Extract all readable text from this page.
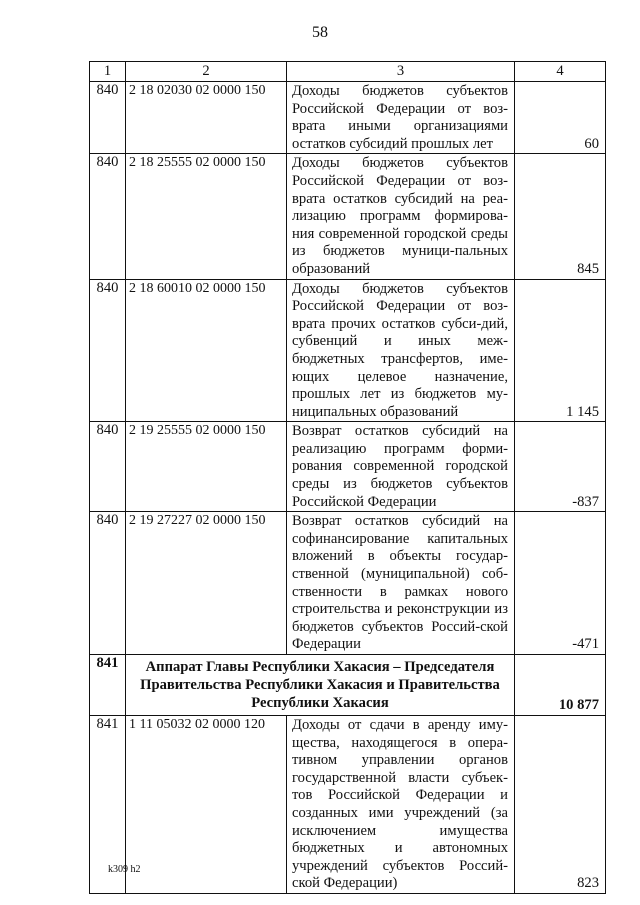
58
1	2	3	4
840	2 18 02030 02 0000 150	Доходы бюджетов субъектов Российской Федерации от воз-врата иными организациями остатков субсидий прошлых лет	60
840	2 18 25555 02 0000 150	Доходы бюджетов субъектов Российской Федерации от воз-врата остатков субсидий на реа-лизацию программ формирова-ния современной городской среды из бюджетов муници-пальных образований	845
840	2 18 60010 02 0000 150	Доходы бюджетов субъектов Российской Федерации от воз-врата прочих остатков субси-дий, субвенций и иных меж-бюджетных трансфертов, име-ющих целевое назначение, прошлых лет из бюджетов му-ниципальных образований	1 145
840	2 19 25555 02 0000 150	Возврат остатков субсидий на реализацию программ форми-рования современной городской среды из бюджетов субъектов Российской Федерации	-837
840	2 19 27227 02 0000 150	Возврат остатков субсидий на софинансирование капитальных вложений в объекты государ-ственной (муниципальной) соб-ственности в рамках нового строительства и реконструкции из бюджетов субъектов Россий-ской Федерации	-471
841	Аппарат Главы Республики Хакасия – Председателя Правительства Республики Хакасия и Правительства Республики Хакасия		10 877
841	1 11 05032 02 0000 120	Доходы от сдачи в аренду иму-щества, находящегося в опера-тивном управлении органов государственной власти субъек-тов Российской Федерации и созданных ими учреждений (за исключением имущества бюджетных и автономных учреждений субъектов Россий-ской Федерации)	823
k309 h2
